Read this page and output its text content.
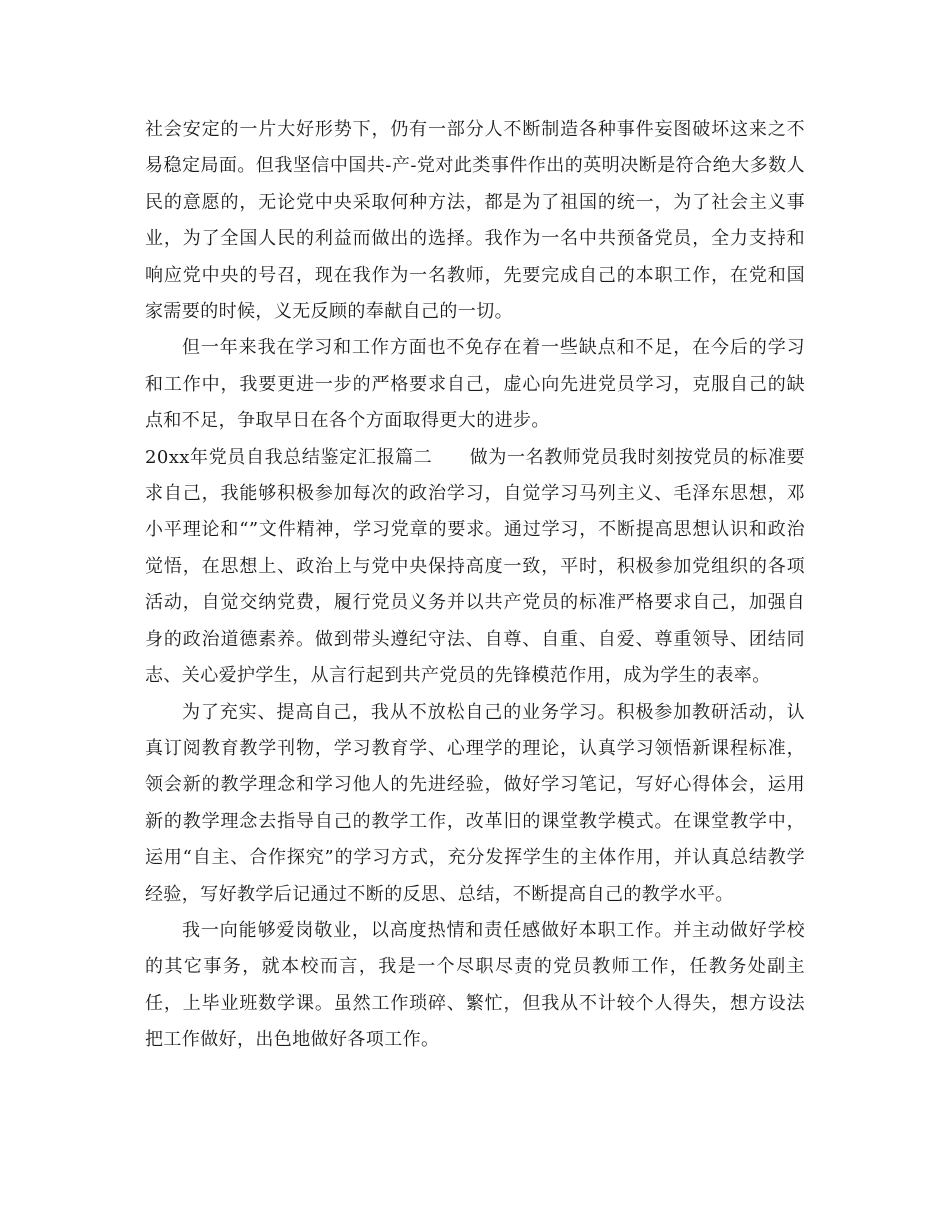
社会安定的一片大好形势下，仍有一部分人不断制造各种事件妄图破坏这来之不易稳定局面。但我坚信中国共-产-党对此类事件作出的英明决断是符合绝大多数人民的意愿的，无论党中央采取何种方法，都是为了祖国的统一，为了社会主义事业，为了全国人民的利益而做出的选择。我作为一名中共预备党员，全力支持和响应党中央的号召，现在我作为一名教师，先要完成自己的本职工作，在党和国家需要的时候，义无反顾的奉献自己的一切。

但一年来我在学习和工作方面也不免存在着一些缺点和不足，在今后的学习和工作中，我要更进一步的严格要求自己，虚心向先进党员学习，克服自己的缺点和不足，争取早日在各个方面取得更大的进步。

20xx年党员自我总结鉴定汇报篇二　　 做为一名教师党员我时刻按党员的标准要求自己，我能够积极参加每次的政治学习，自觉学习马列主义、毛泽东思想，邓小平理论和“”文件精神，学习党章的要求。通过学习，不断提高思想认识和政治觉悟，在思想上、政治上与党中央保持高度一致，平时，积极参加党组织的各项活动，自觉交纳党费，履行党员义务并以共产党员的标准严格要求自己，加强自身的政治道德素养。做到带头遵纪守法、自尊、自重、自爱、尊重领导、团结同志、关心爱护学生，从言行起到共产党员的先锋模范作用，成为学生的表率。

为了充实、提高自己，我从不放松自己的业务学习。积极参加教研活动，认真订阅教育教学刊物，学习教育学、心理学的理论，认真学习领悟新课程标准，领会新的教学理念和学习他人的先进经验，做好学习笔记，写好心得体会，运用新的教学理念去指导自己的教学工作，改革旧的课堂教学模式。在课堂教学中，运用“自主、合作探究”的学习方式，充分发挥学生的主体作用，并认真总结教学经验，写好教学后记通过不断的反思、总结，不断提高自己的教学水平。

我一向能够爱岗敬业，以高度热情和责任感做好本职工作。并主动做好学校的其它事务，就本校而言，我是一个尽职尽责的党员教师工作，任教务处副主任，上毕业班数学课。虽然工作琐碎、繁忙，但我从不计较个人得失，想方设法把工作做好，出色地做好各项工作。
